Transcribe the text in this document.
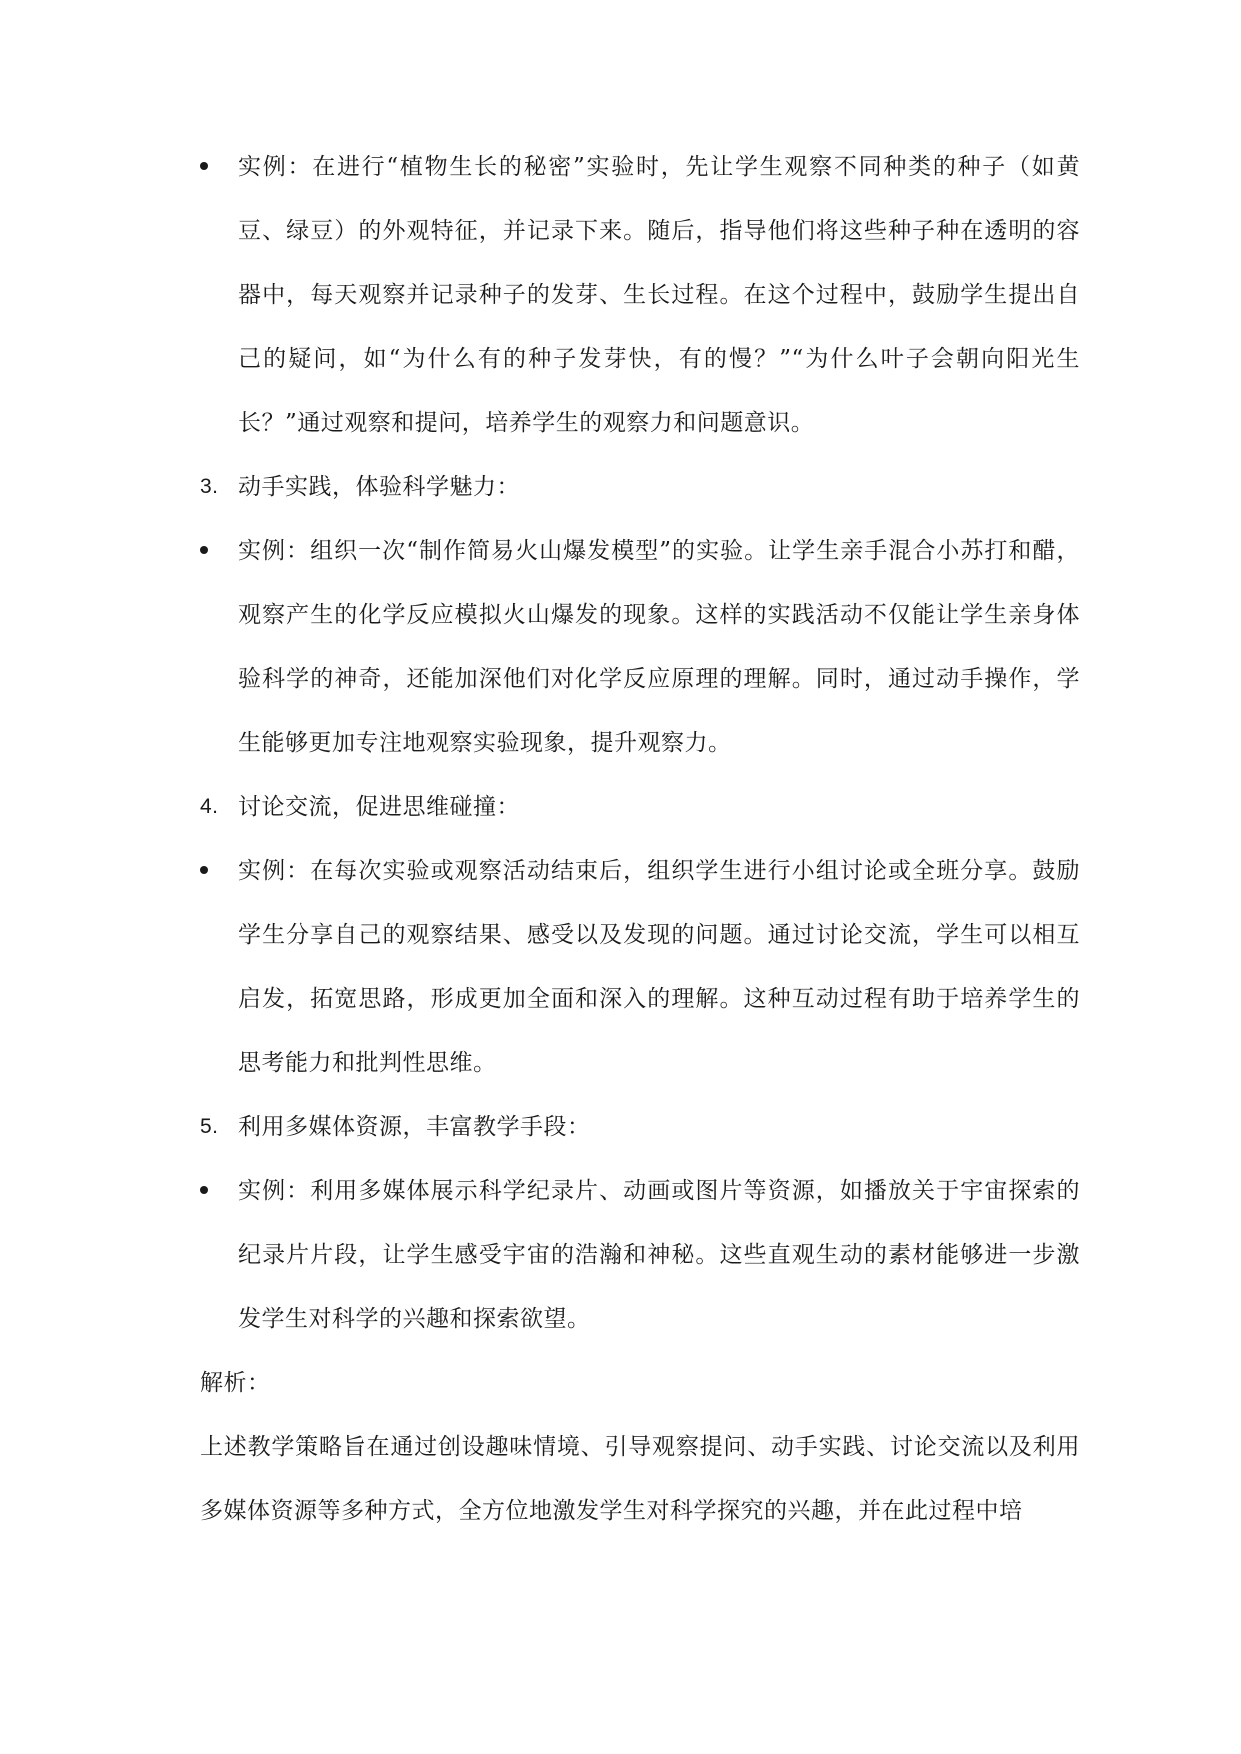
实例：在进行“植物生长的秘密”实验时，先让学生观察不同种类的种子（如黄豆、绿豆）的外观特征，并记录下来。随后，指导他们将这些种子种在透明的容器中，每天观察并记录种子的发芽、生长过程。在这个过程中，鼓励学生提出自己的疑问，如“为什么有的种子发芽快，有的慢？”“为什么叶子会朝向阳光生长？”通过观察和提问，培养学生的观察力和问题意识。
3. 动手实践，体验科学魅力：
实例：组织一次“制作简易火山爆发模型”的实验。让学生亲手混合小苏打和醋，观察产生的化学反应模拟火山爆发的现象。这样的实践活动不仅能让学生亲身体验科学的神奇，还能加深他们对化学反应原理的理解。同时，通过动手操作，学生能够更加专注地观察实验现象，提升观察力。
4. 讨论交流，促进思维碰撞：
实例：在每次实验或观察活动结束后，组织学生进行小组讨论或全班分享。鼓励学生分享自己的观察结果、感受以及发现的问题。通过讨论交流，学生可以相互启发，拓宽思路，形成更加全面和深入的理解。这种互动过程有助于培养学生的思考能力和批判性思维。
5. 利用多媒体资源，丰富教学手段：
实例：利用多媒体展示科学纪录片、动画或图片等资源，如播放关于宇宙探索的纪录片片段，让学生感受宇宙的浩瀚和神秘。这些直观生动的素材能够进一步激发学生对科学的兴趣和探索欲望。
解析：
上述教学策略旨在通过创设趣味情境、引导观察提问、动手实践、讨论交流以及利用多媒体资源等多种方式，全方位地激发学生对科学探究的兴趣，并在此过程中培
